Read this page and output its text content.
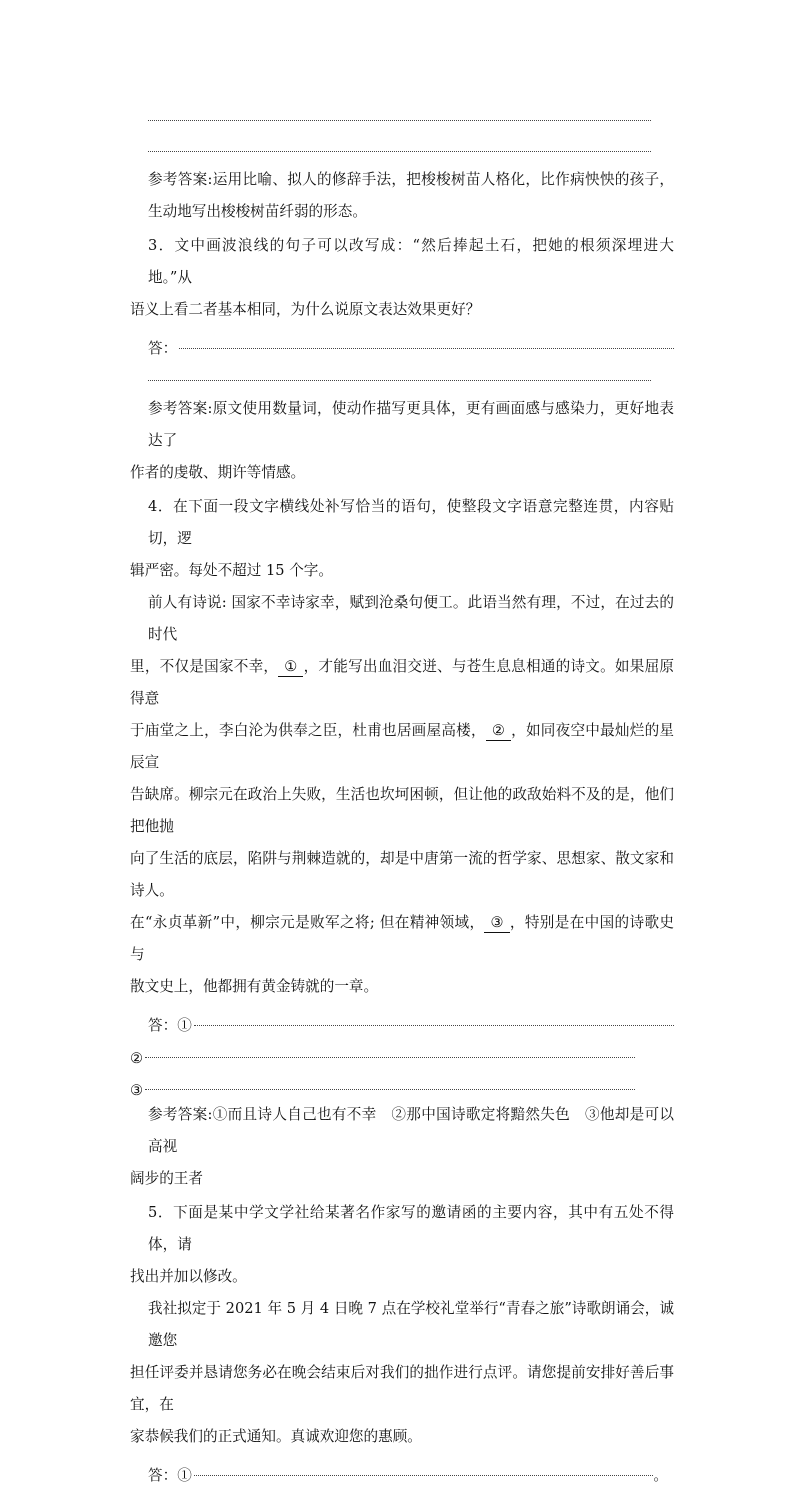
参考答案:运用比喻、拟人的修辞手法，把梭梭树苗人格化，比作病怏怏的孩子，生动地写出梭梭树苗纤弱的形态。
3．文中画波浪线的句子可以改写成：“然后捧起土石，把她的根须深埋进大地。”从
语义上看二者基本相同，为什么说原文表达效果更好？
答：
参考答案:原文使用数量词，使动作描写更具体，更有画面感与感染力，更好地表达了
作者的虔敬、期许等情感。
4．在下面一段文字横线处补写恰当的语句，使整段文字语意完整连贯，内容贴切，逻
辑严密。每处不超过 15 个字。
前人有诗说: 国家不幸诗家幸，赋到沧桑句便工。此语当然有理，不过，在过去的时代
里，不仅是国家不幸， ① ，才能写出血泪交迸、与苍生息息相通的诗文。如果屈原得意
于庙堂之上，李白沦为供奉之臣，杜甫也居画屋高楼， ② ，如同夜空中最灿烂的星辰宣
告缺席。柳宗元在政治上失败，生活也坎坷困顿，但让他的政敌始料不及的是，他们把他抛
向了生活的底层，陷阱与荆棘造就的，却是中唐第一流的哲学家、思想家、散文家和诗人。
在“永贞革新”中，柳宗元是败军之将; 但在精神领域， ③ ，特别是在中国的诗歌史与
散文史上，他都拥有黄金铸就的一章。
答：①
②
③
参考答案:①而且诗人自己也有不幸　②那中国诗歌定将黯然失色　③他却是可以高视
阔步的王者
5．下面是某中学文学社给某著名作家写的邀请函的主要内容，其中有五处不得体，请
找出并加以修改。
我社拟定于 2021 年 5 月 4 日晚 7 点在学校礼堂举行“青春之旅”诗歌朗诵会，诚邀您
担任评委并恳请您务必在晚会结束后对我们的拙作进行点评。请您提前安排好善后事宜，在
家恭候我们的正式通知。真诚欢迎您的惠顾。
答：①	。
